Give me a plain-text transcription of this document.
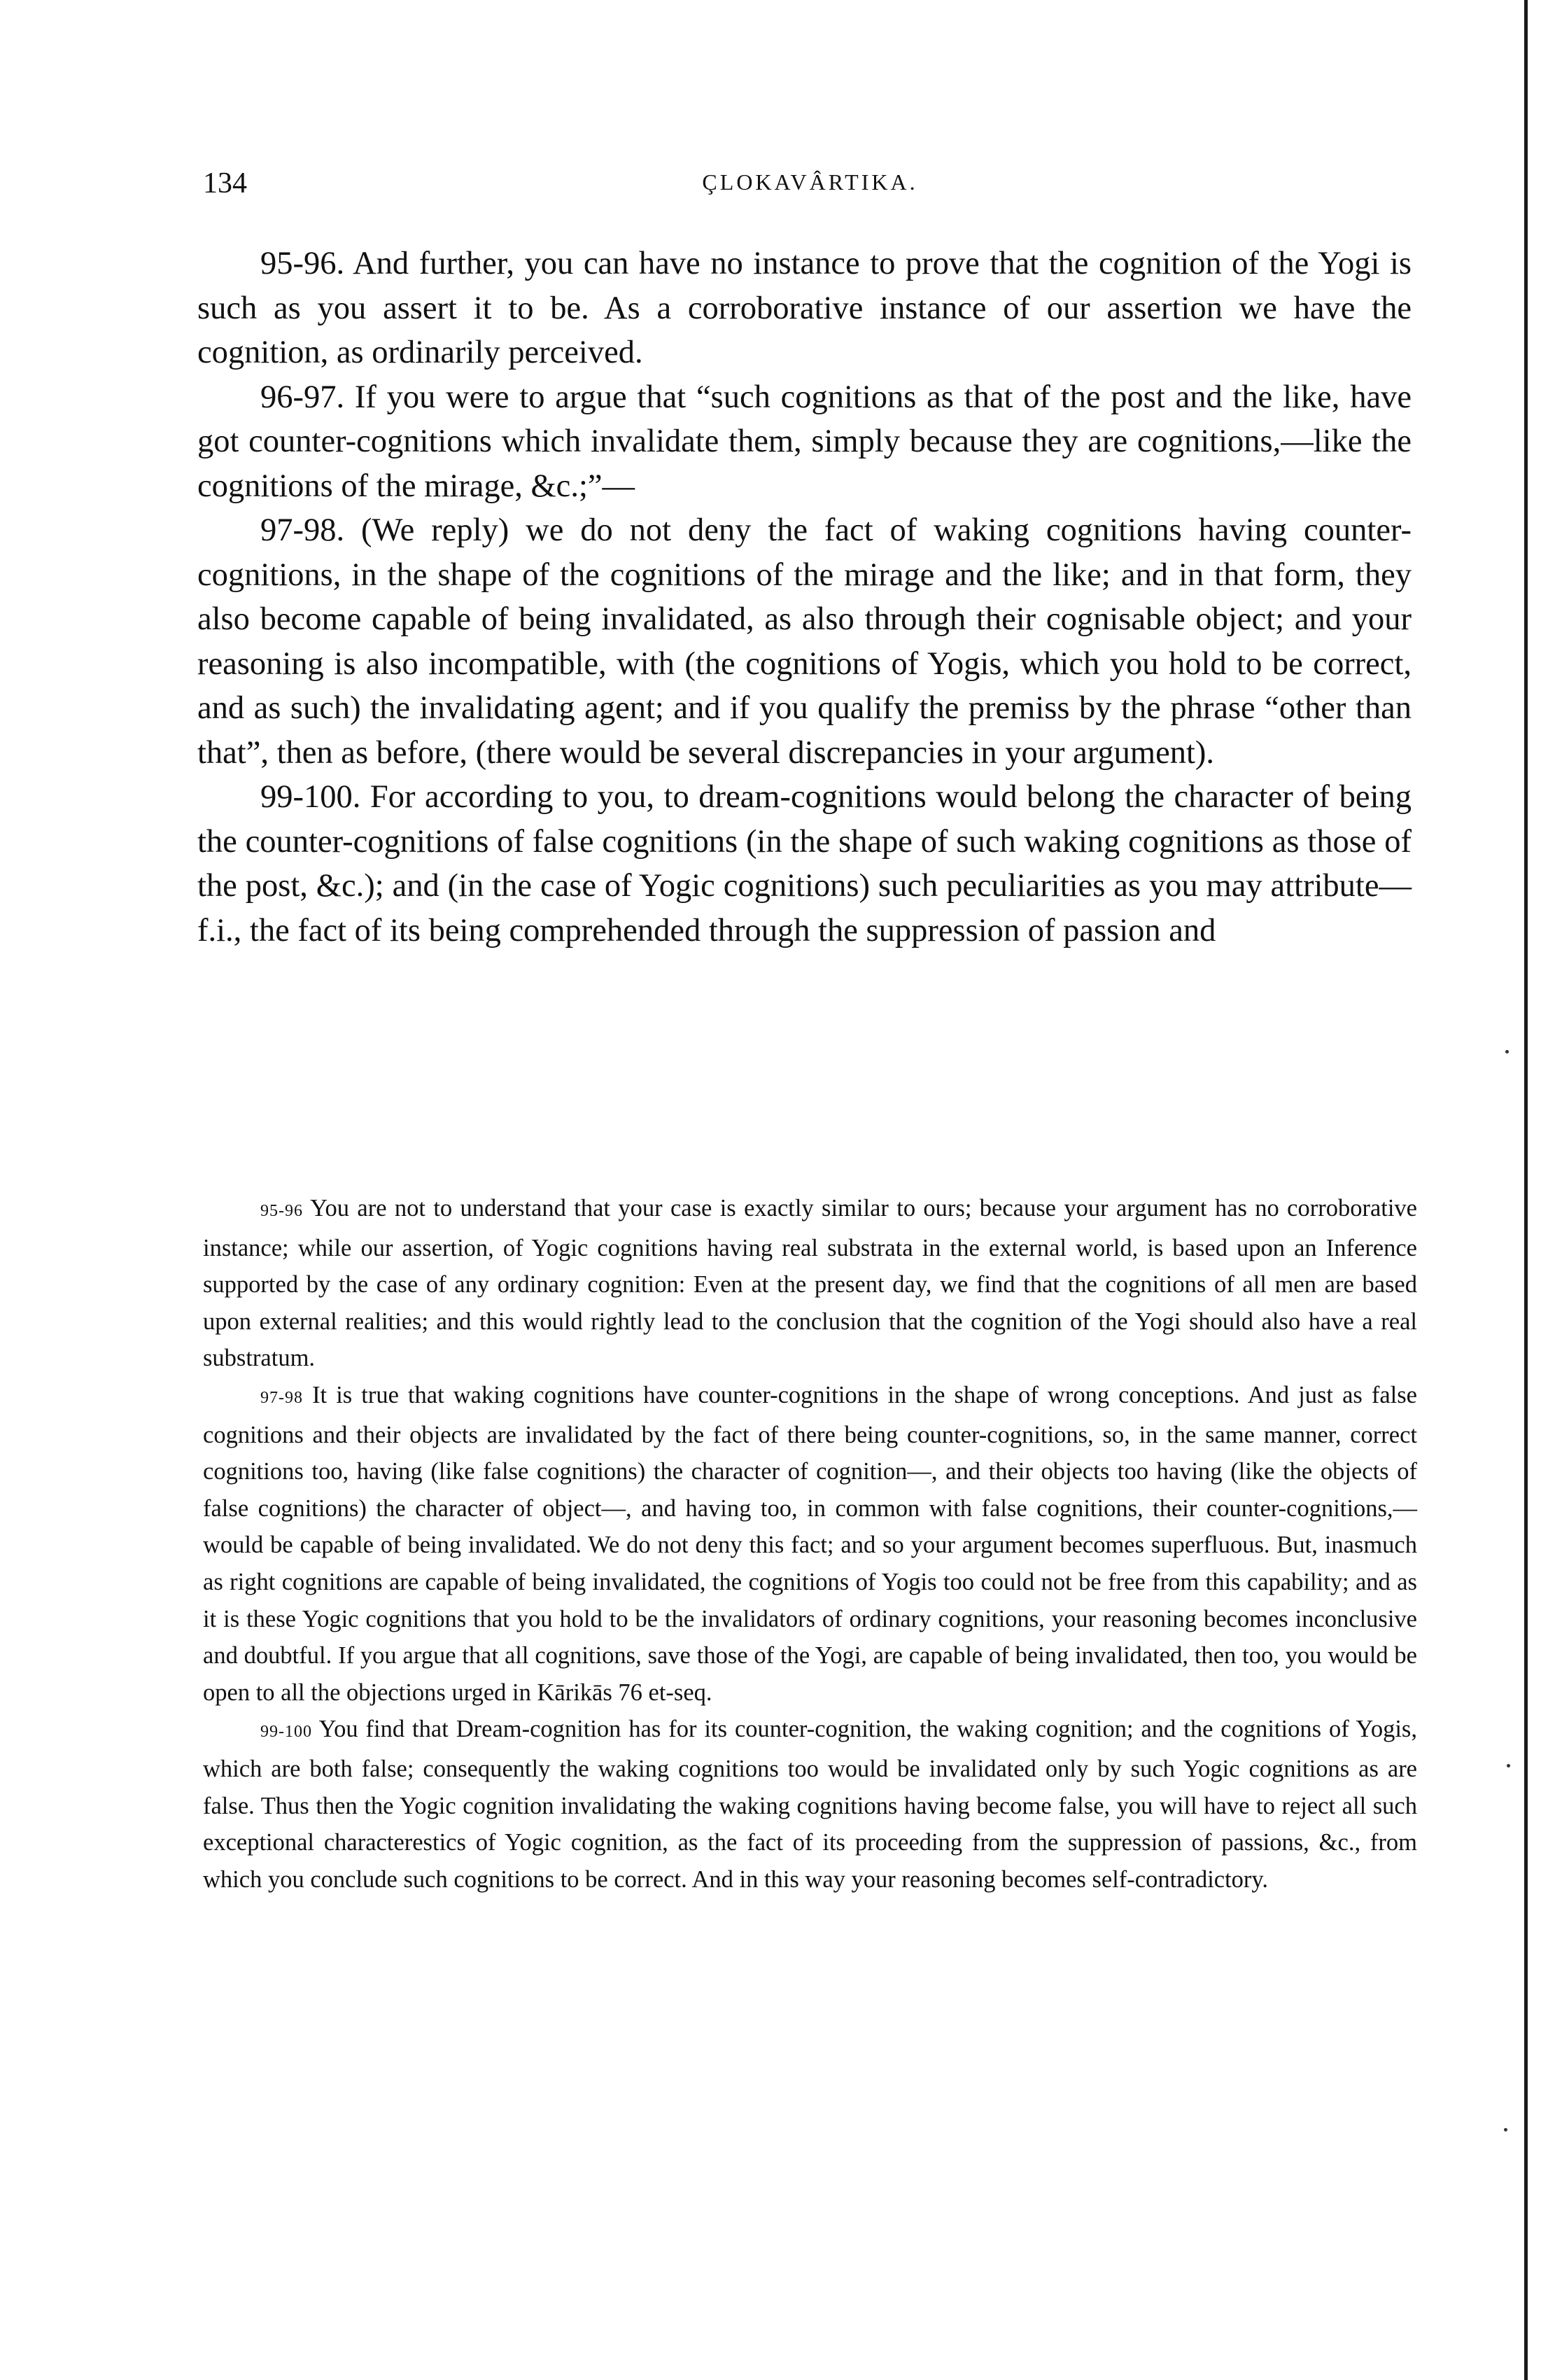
134	ÇLOKAVÂRTIKA.

95-96. And further, you can have no instance to prove that the cognition of the Yogi is such as you assert it to be. As a corroborative instance of our assertion we have the cognition, as ordinarily perceived.

96-97. If you were to argue that “such cognitions as that of the post and the like, have got counter-cognitions which invalidate them, simply because they are cognitions,—like the cognitions of the mirage, &c.;”—

97-98. (We reply) we do not deny the fact of waking cognitions having counter-cognitions, in the shape of the cognitions of the mirage and the like; and in that form, they also become capable of being invalidated, as also through their cognisable object; and your reasoning is also incompatible, with (the cognitions of Yogis, which you hold to be correct, and as such) the invalidating agent; and if you qualify the premiss by the phrase “other than that”, then as before, (there would be several discrepancies in your argument).

99-100. For according to you, to dream-cognitions would belong the character of being the counter-cognitions of false cognitions (in the shape of such waking cognitions as those of the post, &c.); and (in the case of Yogic cognitions) such peculiarities as you may attribute—f.i., the fact of its being comprehended through the suppression of passion and

95-96 You are not to understand that your case is exactly similar to ours; because your argument has no corroborative instance; while our assertion, of Yogic cognitions having real substrata in the external world, is based upon an Inference supported by the case of any ordinary cognition: Even at the present day, we find that the cognitions of all men are based upon external realities; and this would rightly lead to the conclusion that the cognition of the Yogi should also have a real substratum.

97-98 It is true that waking cognitions have counter-cognitions in the shape of wrong conceptions. And just as false cognitions and their objects are invalidated by the fact of there being counter-cognitions, so, in the same manner, correct cognitions too, having (like false cognitions) the character of cognition—, and their objects too having (like the objects of false cognitions) the character of object—, and having too, in common with false cognitions, their counter-cognitions,—would be capable of being invalidated. We do not deny this fact; and so your argument becomes superfluous. But, inasmuch as right cognitions are capable of being invalidated, the cognitions of Yogis too could not be free from this capability; and as it is these Yogic cognitions that you hold to be the invalidators of ordinary cognitions, your reasoning becomes inconclusive and doubtful. If you argue that all cognitions, save those of the Yogi, are capable of being invalidated, then too, you would be open to all the objections urged in Kārikās 76 et-seq.

99-100 You find that Dream-cognition has for its counter-cognition, the waking cognition; and the cognitions of Yogis, which are both false; consequently the waking cognitions too would be invalidated only by such Yogic cognitions as are false. Thus then the Yogic cognition invalidating the waking cognitions having become false, you will have to reject all such exceptional characterestics of Yogic cognition, as the fact of its proceeding from the suppression of passions, &c., from which you conclude such cognitions to be correct. And in this way your reasoning becomes self-contradictory.
